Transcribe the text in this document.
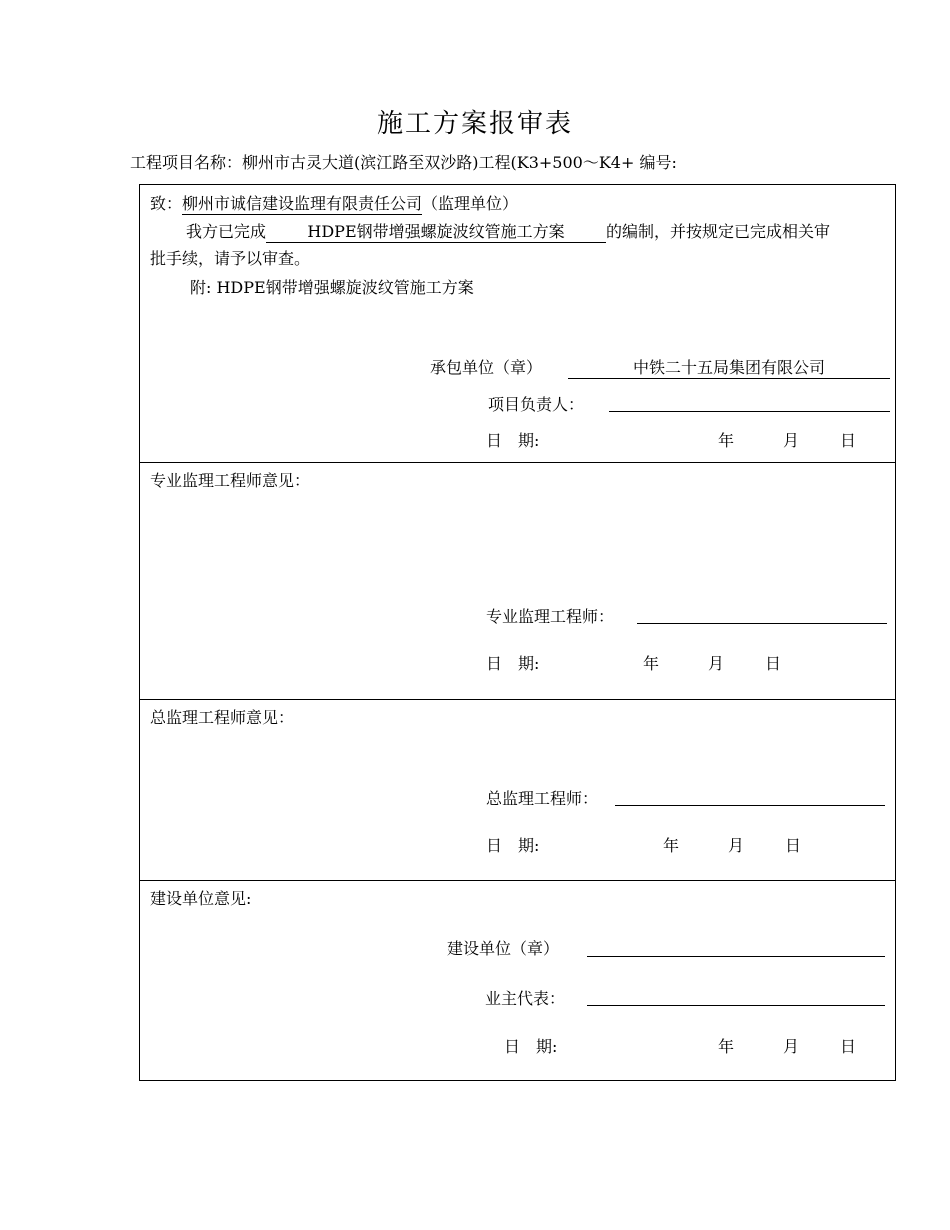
施工方案报审表
工程项目名称：柳州市古灵大道(滨江路至双沙路)工程(K3+500～K4+ 编号:
致：柳州市诚信建设监理有限责任公司（监理单位）
我方已完成	HDPE钢带增强螺旋波纹管施工方案	的编制，并按规定已完成相关审
批手续，请予以审查。
附: HDPE钢带增强螺旋波纹管施工方案
承包单位（章）	中铁二十五局集团有限公司
项目负责人：
日　期:	年	月	日
专业监理工程师意见：
专业监理工程师：
日　期:	年	月	日
总监理工程师意见：
总监理工程师：
日　期:	年	月	日
建设单位意见:
建设单位（章）
业主代表：
日　期:	年	月	日
